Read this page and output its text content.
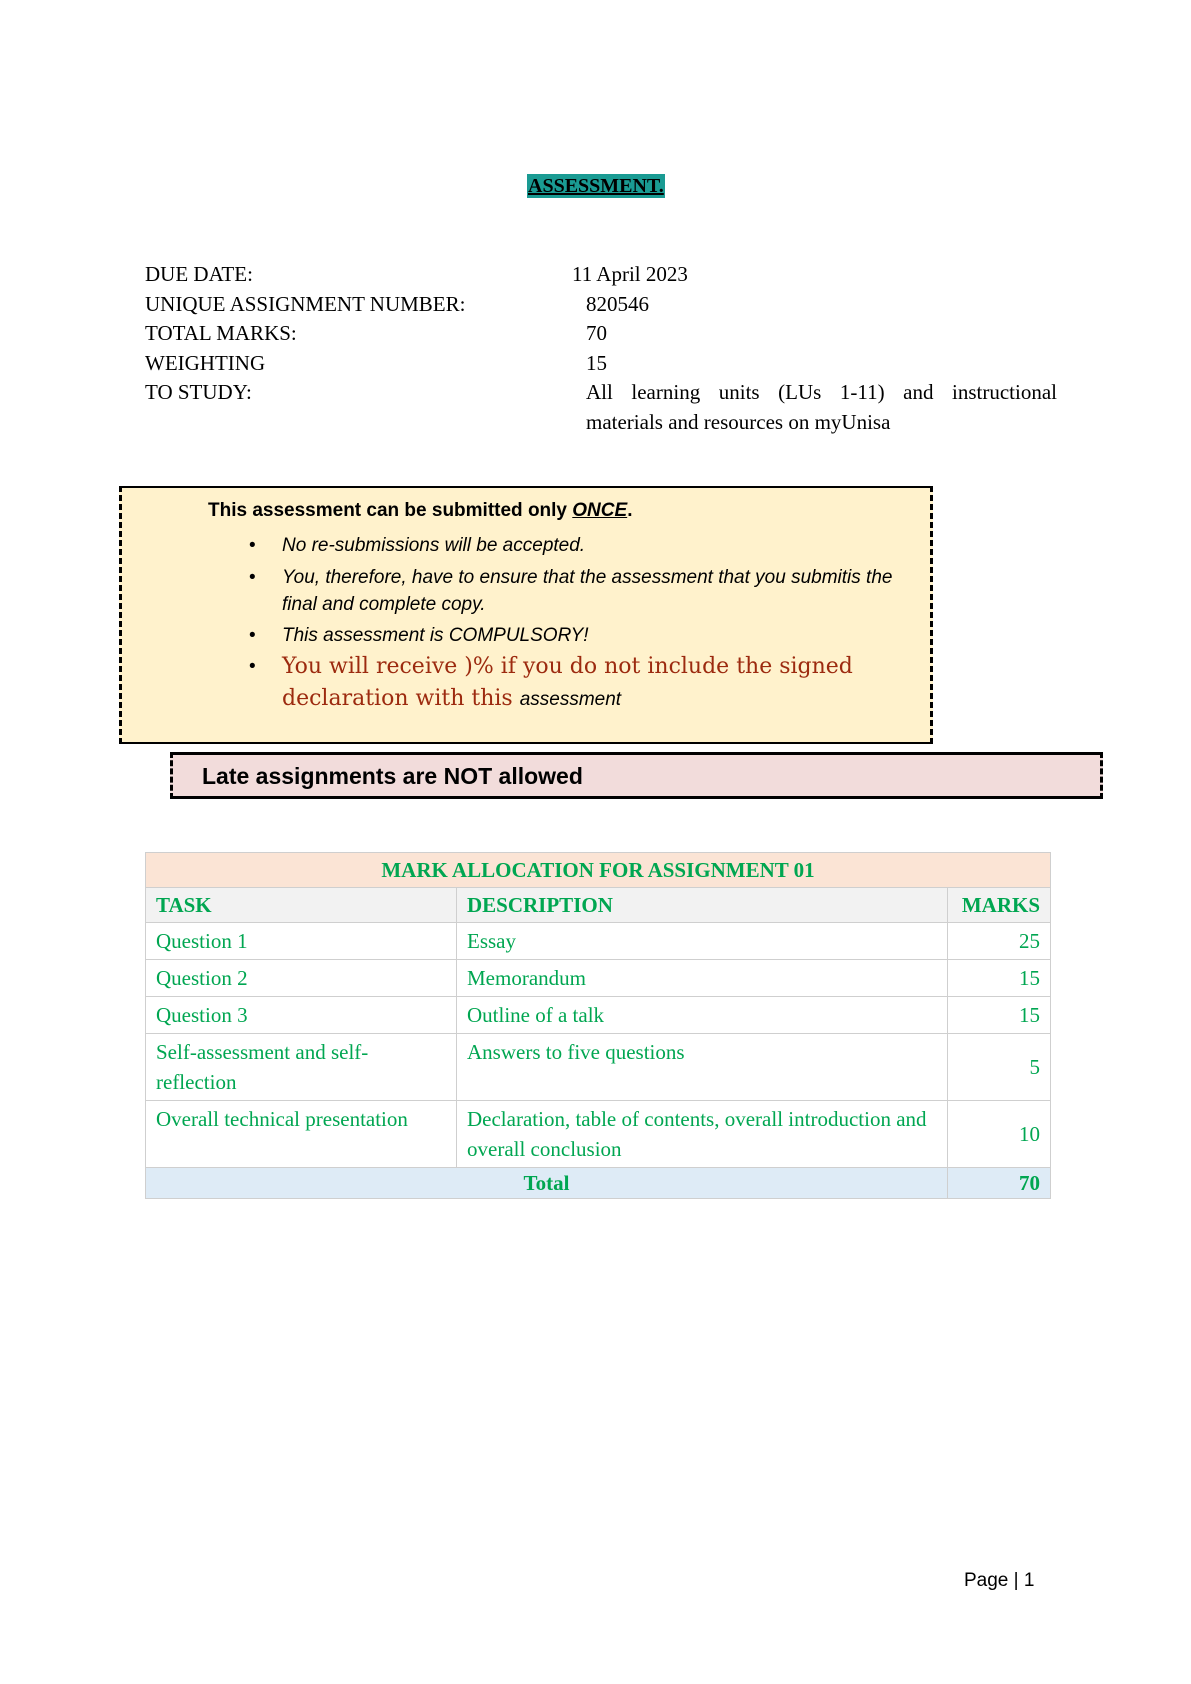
ASSESSMENT.
DUE DATE:	11 April 2023
UNIQUE ASSIGNMENT NUMBER:	820546
TOTAL MARKS:	70
WEIGHTING	15
TO STUDY:	All learning units (LUs 1-11) and instructional materials and resources on myUnisa
This assessment can be submitted only ONCE.
• No re-submissions will be accepted.
• You, therefore, have to ensure that the assessment that you submitis the final and complete copy.
• This assessment is COMPULSORY!
• You will receive )% if you do not include the signed declaration with this assessment
Late assignments are NOT allowed
MARK ALLOCATION FOR ASSIGNMENT 01		
TASK	DESCRIPTION	MARKS
Question 1	Essay	25
Question 2	Memorandum	15
Question 3	Outline of a talk	15
Self-assessment and self-reflection	Answers to five questions	5
Overall technical presentation	Declaration, table of contents, overall introduction and overall conclusion	10
Total		70
Page | 1
